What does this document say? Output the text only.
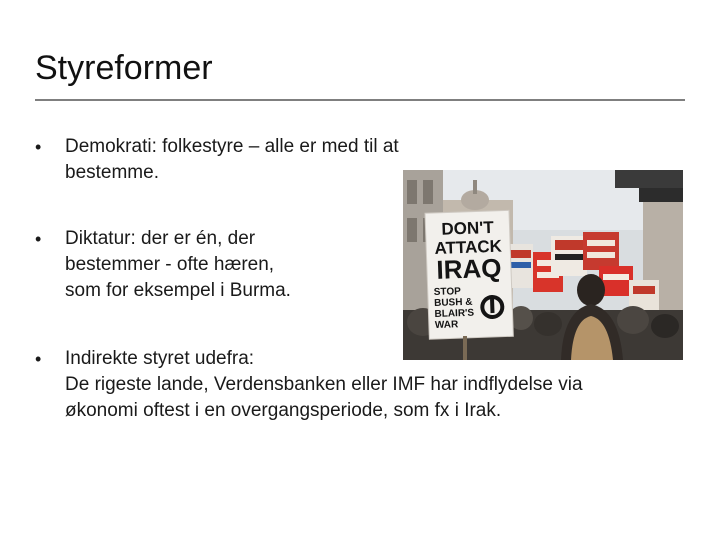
Styreformer
•	Demokrati: folkestyre – alle er med til at
bestemme.
•	Diktatur: der er én, der
bestemmer - ofte hæren,
som for eksempel i Burma.
•	Indirekte styret udefra:
De rigeste lande, Verdensbanken eller IMF har indflydelse via
økonomi oftest i en overgangsperiode, som fx i Irak.
DON'T
ATTACK
IRAQ
STOP
BUSH &
BLAIR'S
WAR
